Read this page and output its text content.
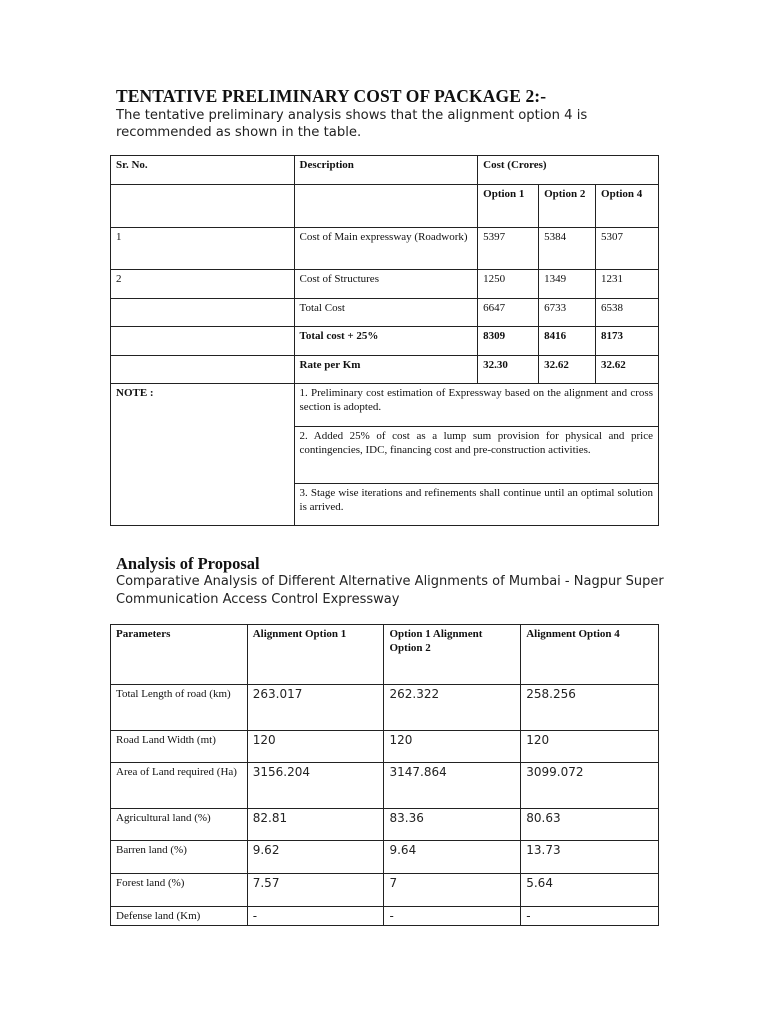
TENTATIVE PRELIMINARY COST OF PACKAGE 2:-
The tentative preliminary analysis shows that the alignment option 4 is recommended as shown in the table.
Sr. No.	Description	Cost (Crores)		
		Option 1	Option 2	Option 4
1	Cost of Main expressway (Roadwork)	5397	5384	5307
2	Cost of Structures	1250	1349	1231
	Total Cost	6647	6733	6538
	Total cost + 25%	8309	8416	8173
	Rate per Km	32.30	32.62	32.62
NOTE :	1. Preliminary cost estimation of Expressway based on the alignment and cross section is adopted.			
	2. Added 25% of cost as a lump sum provision for physical and price contingencies, IDC, financing cost and pre-construction activities.			
	3. Stage wise iterations and refinements shall continue until an optimal solution is arrived.			
Analysis of Proposal
Comparative Analysis of Different Alternative Alignments of Mumbai - Nagpur Super Communication Access Control Expressway
Parameters	Alignment Option 1	Option 1 Alignment Option 2	Alignment Option 4
Total Length of road (km)	263.017	262.322	258.256
Road Land Width (mt)	120	120	120
Area of Land required (Ha)	3156.204	3147.864	3099.072
Agricultural land (%)	82.81	83.36	80.63
Barren land (%)	9.62	9.64	13.73
Forest land (%)	7.57	7	5.64
Defense land (Km)	-	-	-
